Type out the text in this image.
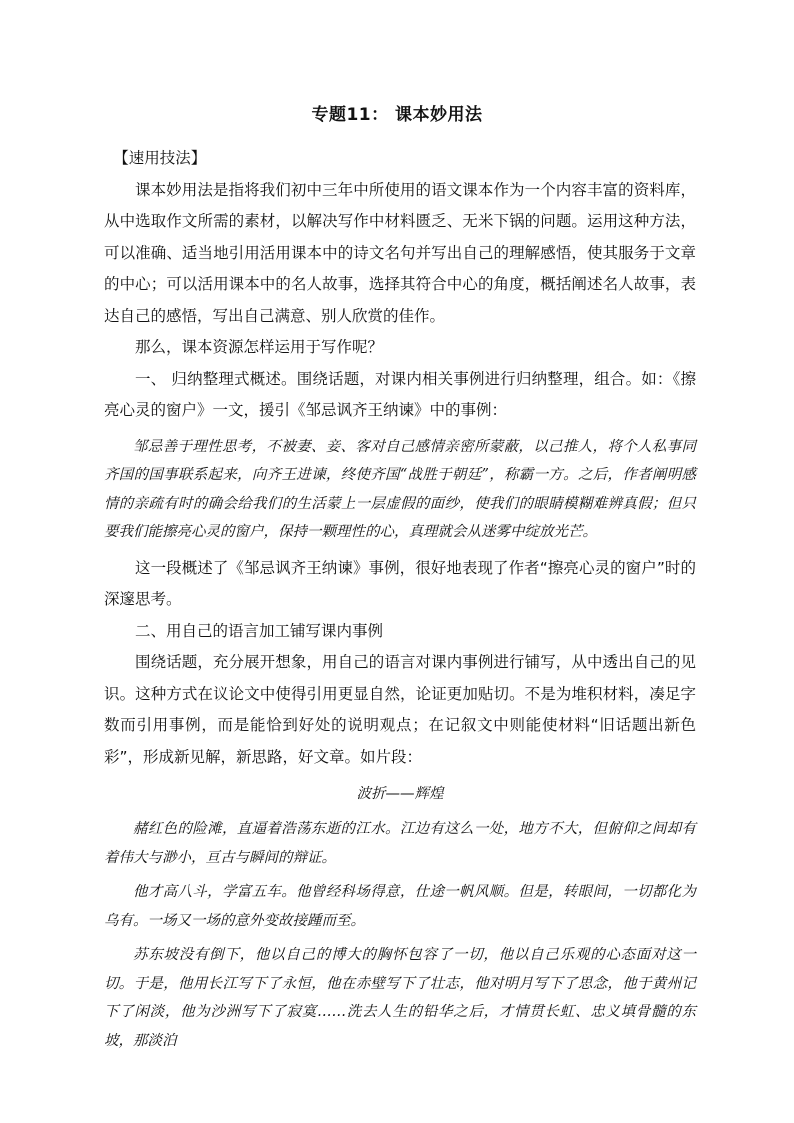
专题11： 课本妙用法

【速用技法】

课本妙用法是指将我们初中三年中所使用的语文课本作为一个内容丰富的资料库，从中选取作文所需的素材，以解决写作中材料匮乏、无米下锅的问题。运用这种方法，可以准确、适当地引用活用课本中的诗文名句并写出自己的理解感悟，使其服务于文章的中心；可以活用课本中的名人故事，选择其符合中心的角度，概括阐述名人故事，表达自己的感悟，写出自己满意、别人欣赏的佳作。

那么，课本资源怎样运用于写作呢？

一、 归纳整理式概述。围绕话题，对课内相关事例进行归纳整理，组合。如：《擦亮心灵的窗户》一文，援引《邹忌讽齐王纳谏》中的事例：

邹忌善于理性思考，不被妻、妾、客对自己感情亲密所蒙蔽，以己推人，将个人私事同齐国的国事联系起来，向齐王进谏，终使齐国“战胜于朝廷”，称霸一方。之后，作者阐明感情的亲疏有时的确会给我们的生活蒙上一层虚假的面纱，使我们的眼睛模糊难辨真假；但只要我们能擦亮心灵的窗户，保持一颗理性的心，真理就会从迷雾中绽放光芒。

这一段概述了《邹忌讽齐王纳谏》事例，很好地表现了作者“擦亮心灵的窗户”时的深邃思考。

二、用自己的语言加工铺写课内事例

围绕话题，充分展开想象，用自己的语言对课内事例进行铺写，从中透出自己的见识。这种方式在议论文中使得引用更显自然，论证更加贴切。不是为堆积材料，凑足字数而引用事例，而是能恰到好处的说明观点；在记叙文中则能使材料“旧话题出新色彩”，形成新见解，新思路，好文章。如片段：

波折——辉煌

赭红色的险滩，直逼着浩荡东逝的江水。江边有这么一处，地方不大，但俯仰之间却有着伟大与渺小，亘古与瞬间的辩证。

他才高八斗，学富五车。他曾经科场得意，仕途一帆风顺。但是，转眼间，一切都化为乌有。一场又一场的意外变故接踵而至。

苏东坡没有倒下，他以自己的博大的胸怀包容了一切，他以自己乐观的心态面对这一切。于是，他用长江写下了永恒，他在赤壁写下了壮志，他对明月写下了思念，他于黄州记下了闲淡，他为沙洲写下了寂寞……洗去人生的铅华之后，才情贯长虹、忠义填骨髓的东坡，那淡泊
